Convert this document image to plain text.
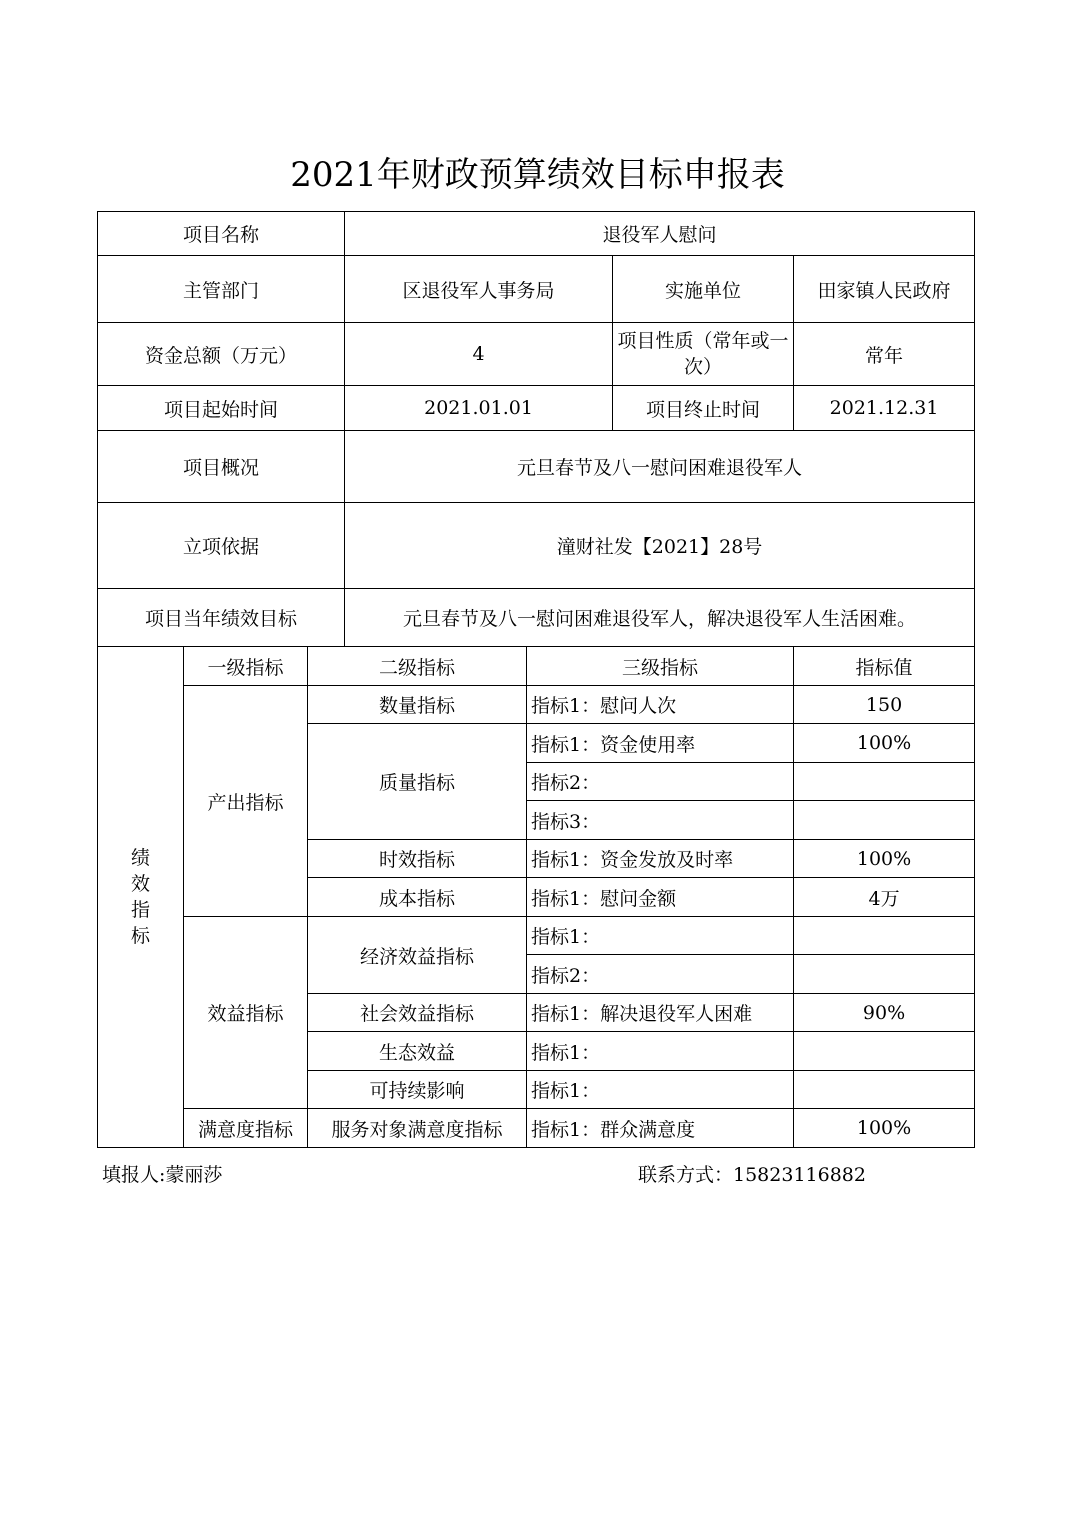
2021年财政预算绩效目标申报表
项目名称			退役军人慰问			
主管部门			区退役军人事务局		实施单位	田家镇人民政府
资金总额（万元）			4		项目性质（常年或一次）	常年
项目起始时间			2021.01.01		项目终止时间	2021.12.31
项目概况			元旦春节及八一慰问困难退役军人			
立项依据			潼财社发【2021】28号			
项目当年绩效目标			元旦春节及八一慰问困难退役军人，解决退役军人生活困难。			
绩效指标	一级指标	二级指标		三级指标		指标值
	产出指标	数量指标		指标1：慰问人次		150
		质量指标		指标1：资金使用率		100%
				指标2：		
				指标3：		
		时效指标		指标1：资金发放及时率		100%
		成本指标		指标1：慰问金额		4万
	效益指标	经济效益指标		指标1：		
				指标2：		
		社会效益指标		指标1：解决退役军人困难		90%
		生态效益		指标1：		
		可持续影响		指标1：		
	满意度指标	服务对象满意度指标		指标1：群众满意度		100%
填报人:蒙丽莎	联系方式：15823116882
